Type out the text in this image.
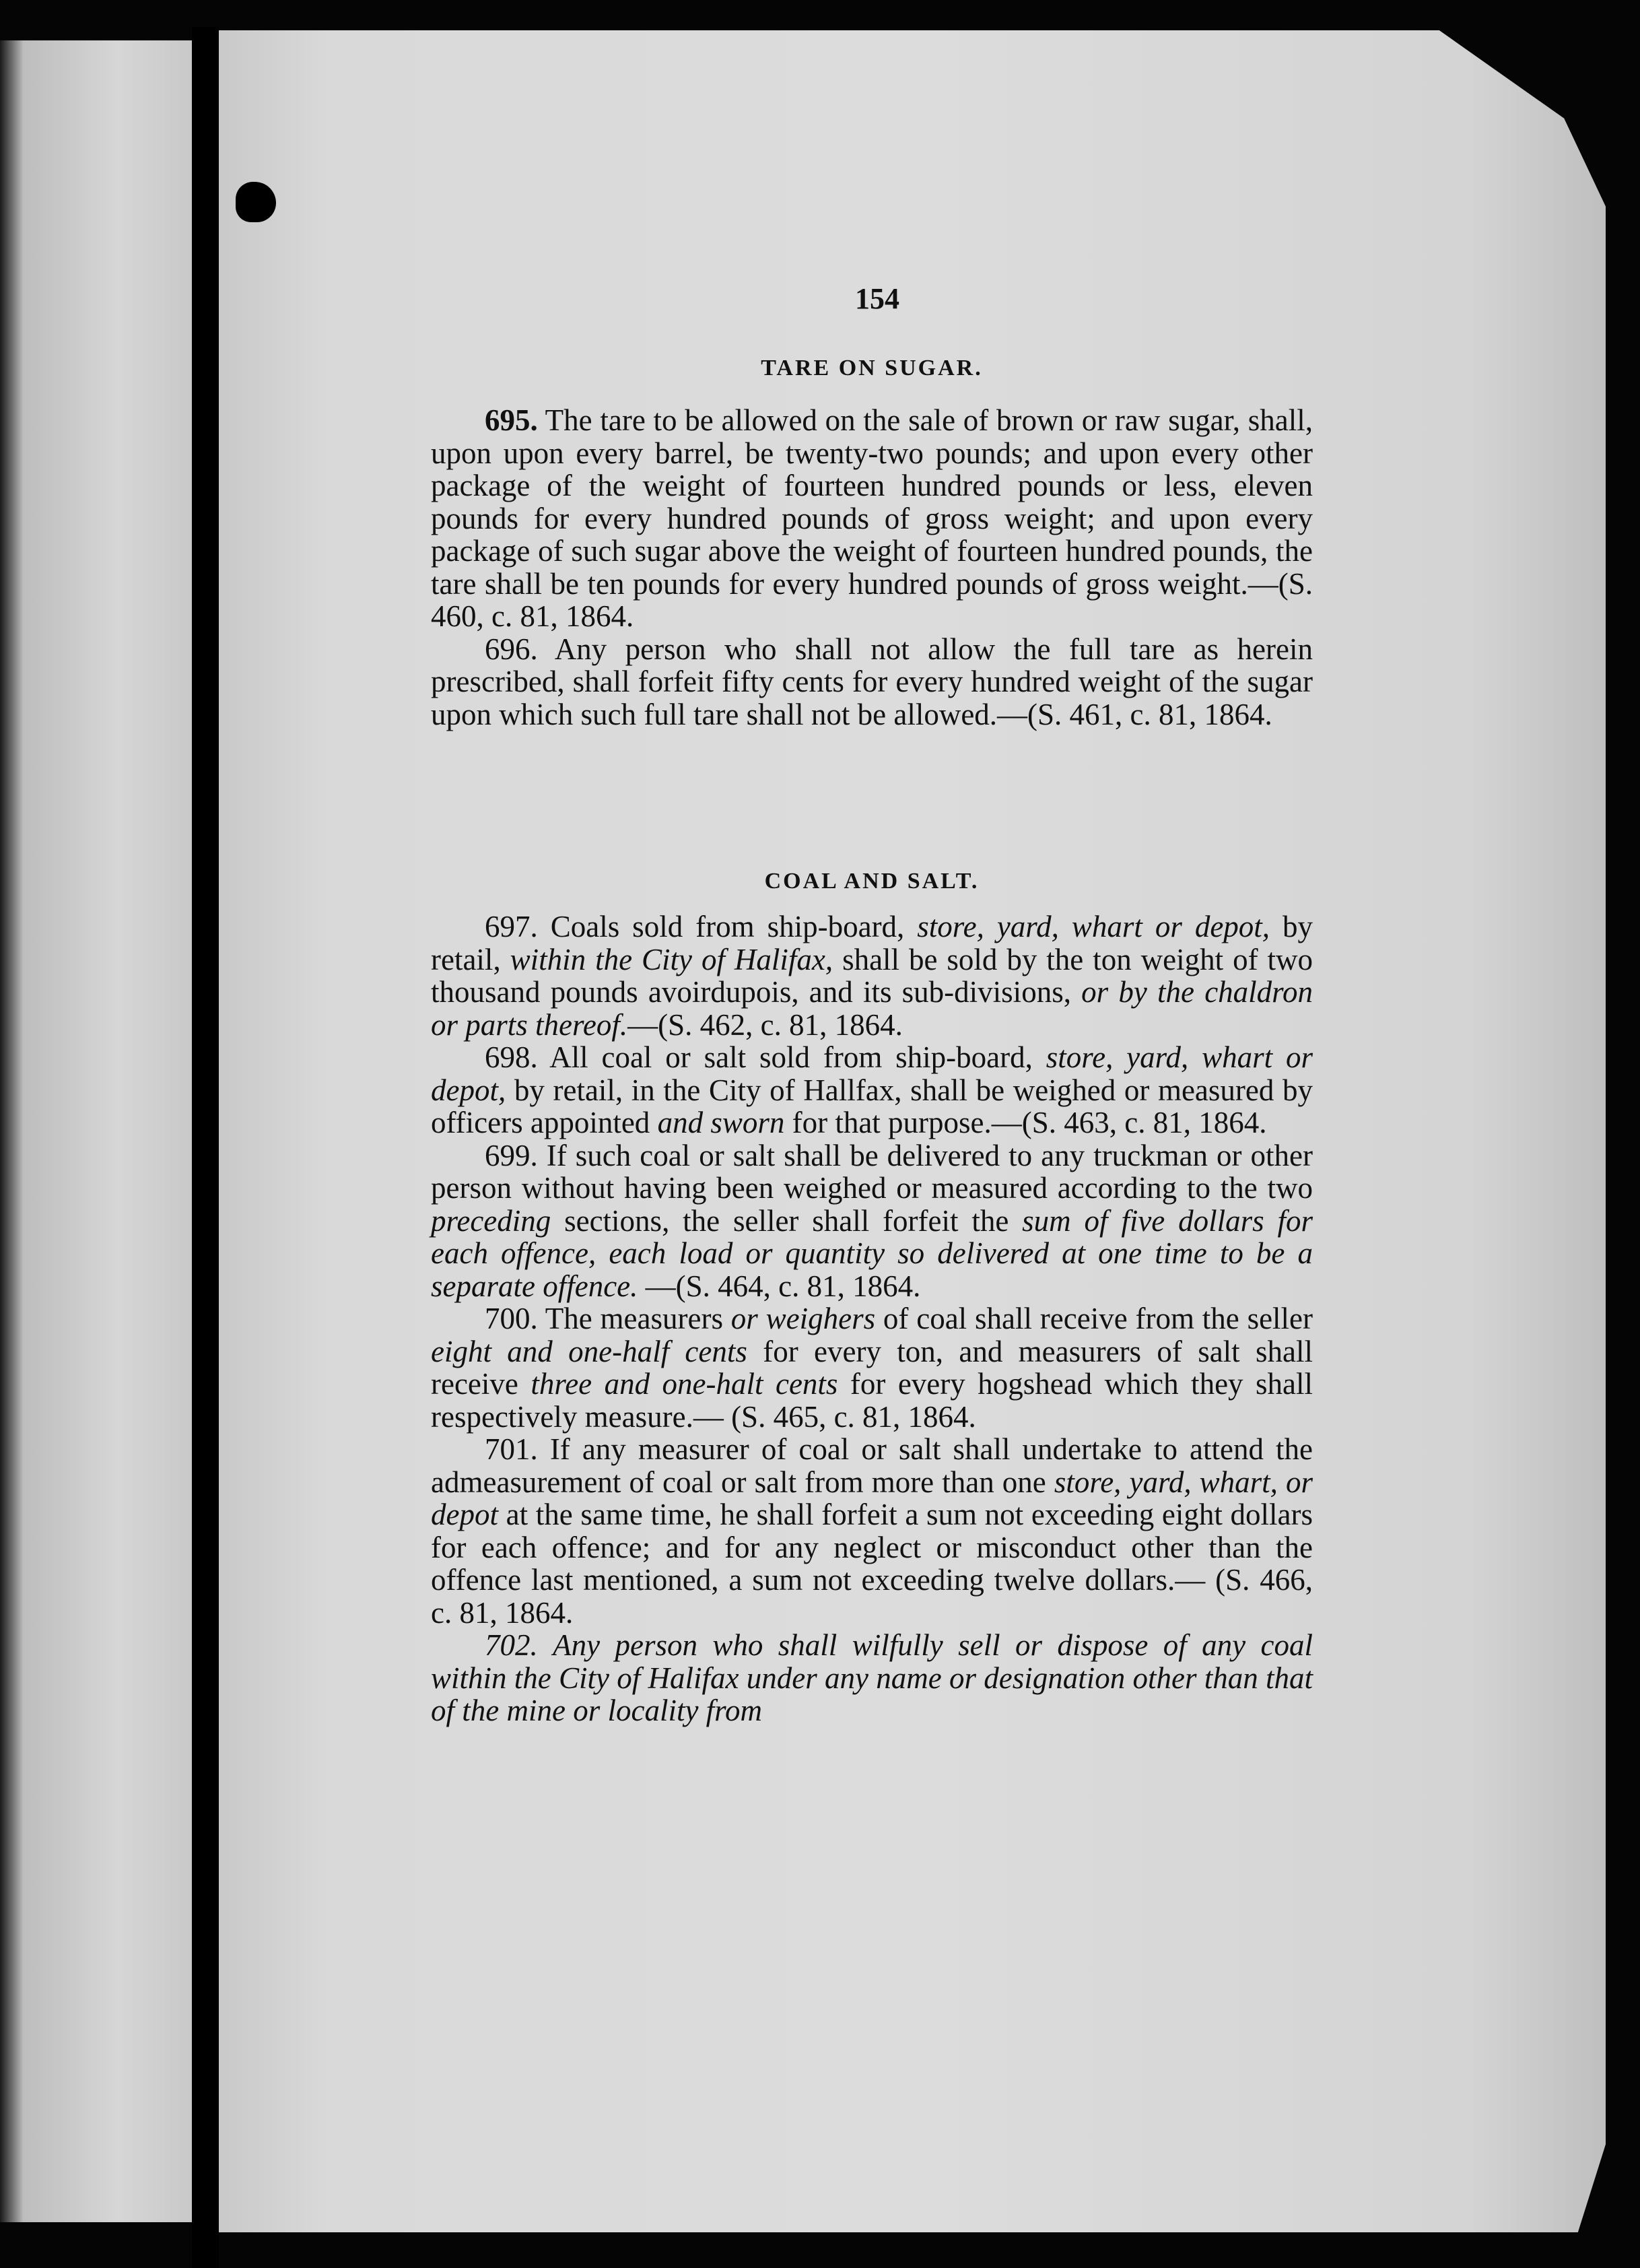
154
TARE ON SUGAR.

695. The tare to be allowed on the sale of brown or raw sugar, shall, upon upon every barrel, be twenty-two pounds; and upon every other package of the weight of fourteen hundred pounds or less, eleven pounds for every hundred pounds of gross weight; and upon every package of such sugar above the weight of fourteen hundred pounds, the tare shall be ten pounds for every hundred pounds of gross weight.—(S. 460, c. 81, 1864.

696. Any person who shall not allow the full tare as herein prescribed, shall forfeit fifty cents for every hundred weight of the sugar upon which such full tare shall not be allowed.—(S. 461, c. 81, 1864.

COAL AND SALT.

697. Coals sold from ship-board, store, yard, whart or depot, by retail, within the City of Halifax, shall be sold by the ton weight of two thousand pounds avoirdupois, and its sub-divisions, or by the chaldron or parts thereof.—(S. 462, c. 81, 1864.

698. All coal or salt sold from ship-board, store, yard, whart or depot, by retail, in the City of Hallfax, shall be weighed or measured by officers appointed and sworn for that purpose.—(S. 463, c. 81, 1864.

699. If such coal or salt shall be delivered to any truckman or other person without having been weighed or measured according to the two preceding sections, the seller shall forfeit the sum of five dollars for each offence, each load or quantity so delivered at one time to be a separate offence. —(S. 464, c. 81, 1864.

700. The measurers or weighers of coal shall receive from the seller eight and one-half cents for every ton, and measurers of salt shall receive three and one-halt cents for every hogshead which they shall respectively measure.— (S. 465, c. 81, 1864.

701. If any measurer of coal or salt shall undertake to attend the admeasurement of coal or salt from more than one store, yard, whart, or depot at the same time, he shall forfeit a sum not exceeding eight dollars for each offence; and for any neglect or misconduct other than the offence last mentioned, a sum not exceeding twelve dollars.— (S. 466, c. 81, 1864.

702. Any person who shall wilfully sell or dispose of any coal within the City of Halifax under any name or designation other than that of the mine or locality from
